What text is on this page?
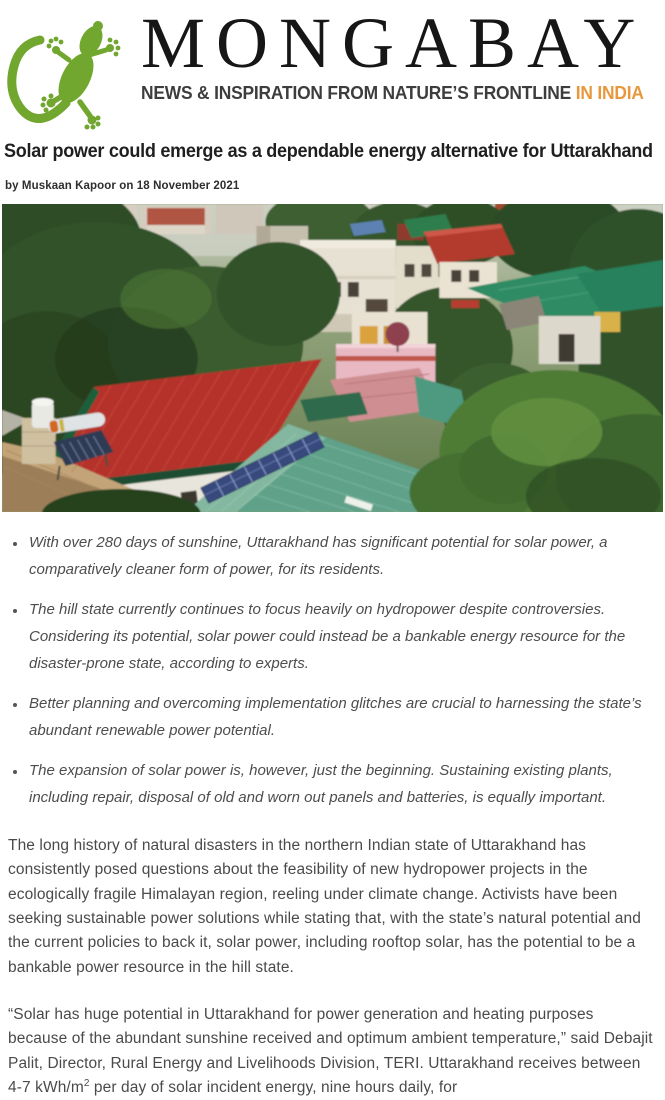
MONGABAY
NEWS & INSPIRATION FROM NATURE’S FRONTLINE IN INDIA
Solar power could emerge as a dependable energy alternative for Uttarakhand
by Muskaan Kapoor on 18 November 2021
• With over 280 days of sunshine, Uttarakhand has significant potential for solar power, a comparatively cleaner form of power, for its residents.
• The hill state currently continues to focus heavily on hydropower despite controversies. Considering its potential, solar power could instead be a bankable energy resource for the disaster-prone state, according to experts.
• Better planning and overcoming implementation glitches are crucial to harnessing the state’s abundant renewable power potential.
• The expansion of solar power is, however, just the beginning. Sustaining existing plants, including repair, disposal of old and worn out panels and batteries, is equally important.

The long history of natural disasters in the northern Indian state of Uttarakhand has consistently posed questions about the feasibility of new hydropower projects in the ecologically fragile Himalayan region, reeling under climate change. Activists have been seeking sustainable power solutions while stating that, with the state’s natural potential and the current policies to back it, solar power, including rooftop solar, has the potential to be a bankable power resource in the hill state.

“Solar has huge potential in Uttarakhand for power generation and heating purposes because of the abundant sunshine received and optimum ambient temperature,” said Debajit Palit, Director, Rural Energy and Livelihoods Division, TERI. Uttarakhand receives between 4-7 kWh/$m^2$ per day of solar incident energy, nine hours daily, for
